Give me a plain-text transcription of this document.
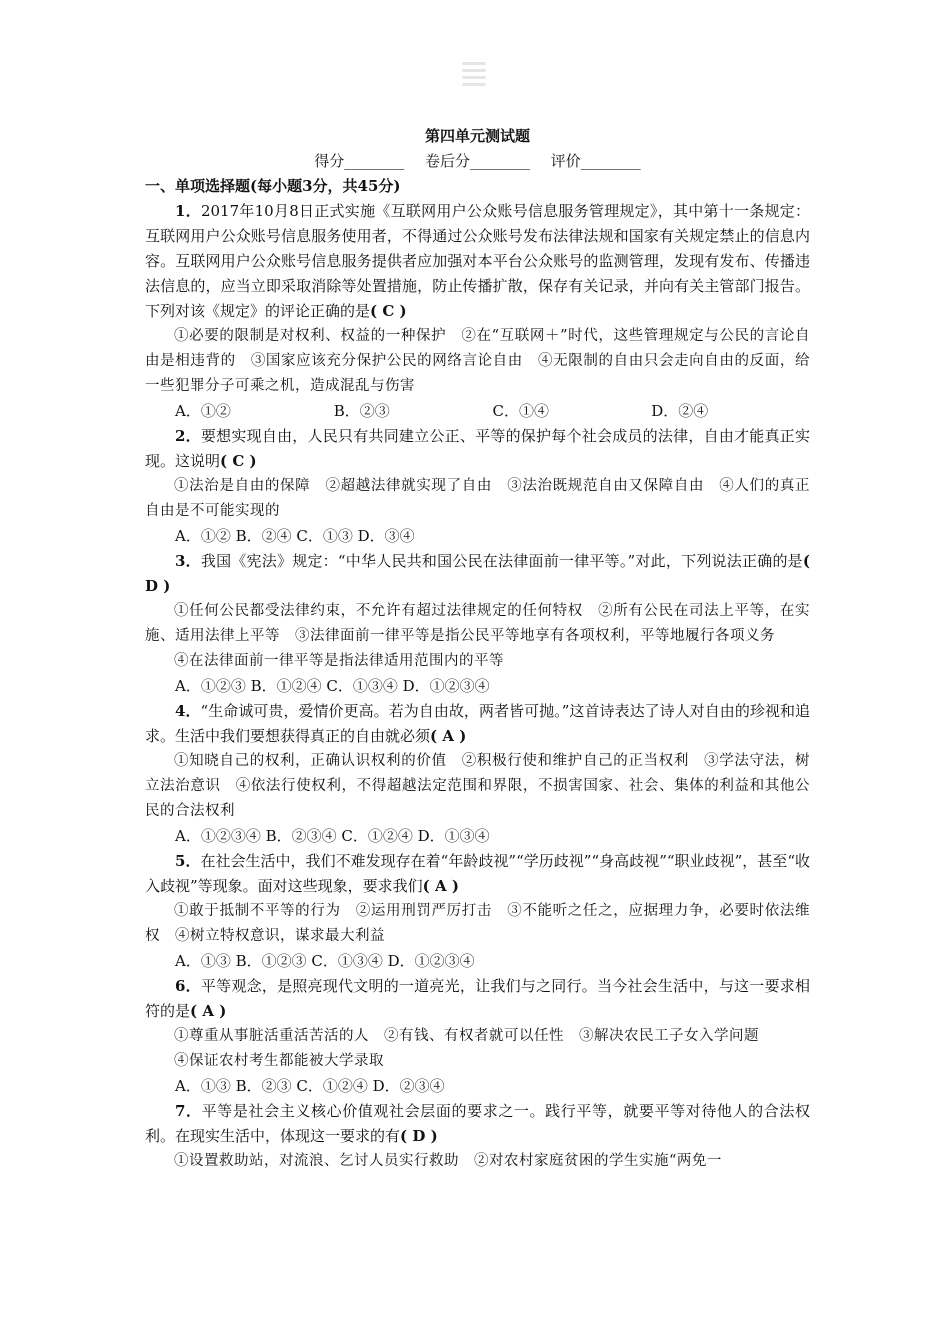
第四单元测试题

得分________ 卷后分________ 评价________

一、单项选择题(每小题3分，共45分)

1．2017年10月8日正式实施《互联网用户公众账号信息服务管理规定》，其中第十一条规定：互联网用户公众账号信息服务使用者，不得通过公众账号发布法律法规和国家有关规定禁止的信息内容。互联网用户公众账号信息服务提供者应加强对本平台公众账号的监测管理，发现有发布、传播违法信息的，应当立即采取消除等处置措施，防止传播扩散，保存有关记录，并向有关主管部门报告。下列对该《规定》的评论正确的是( C )

①必要的限制是对权利、权益的一种保护　②在“互联网＋”时代，这些管理规定与公民的言论自由是相违背的　③国家应该充分保护公民的网络言论自由　④无限制的自由只会走向自由的反面，给一些犯罪分子可乘之机，造成混乱与伤害

A．①②	B．②③	C．①④	D．②④

2．要想实现自由，人民只有共同建立公正、平等的保护每个社会成员的法律，自由才能真正实现。这说明( C )

①法治是自由的保障　②超越法律就实现了自由　③法治既规范自由又保障自由　④人们的真正自由是不可能实现的

A．①② B．②④ C．①③ D．③④

3．我国《宪法》规定：“中华人民共和国公民在法律面前一律平等。”对此，下列说法正确的是( D )

①任何公民都受法律约束，不允许有超过法律规定的任何特权　②所有公民在司法上平等，在实施、适用法律上平等　③法律面前一律平等是指公民平等地享有各项权利，平等地履行各项义务

④在法律面前一律平等是指法律适用范围内的平等

A．①②③ B．①②④ C．①③④ D．①②③④

4．“生命诚可贵，爱情价更高。若为自由故，两者皆可抛。”这首诗表达了诗人对自由的珍视和追求。生活中我们要想获得真正的自由就必须( A )

①知晓自己的权利，正确认识权利的价值　②积极行使和维护自己的正当权利　③学法守法，树立法治意识　④依法行使权利，不得超越法定范围和界限，不损害国家、社会、集体的利益和其他公民的合法权利

A．①②③④ B．②③④ C．①②④ D．①③④

5．在社会生活中，我们不难发现存在着“年龄歧视”“学历歧视”“身高歧视”“职业歧视”，甚至“收入歧视”等现象。面对这些现象，要求我们( A )

①敢于抵制不平等的行为　②运用刑罚严厉打击　③不能听之任之，应据理力争，必要时依法维权　④树立特权意识，谋求最大利益

A．①③ B．①②③ C．①③④ D．①②③④

6．平等观念，是照亮现代文明的一道亮光，让我们与之同行。当今社会生活中，与这一要求相符的是( A )

①尊重从事脏活重活苦活的人　②有钱、有权者就可以任性　③解决农民工子女入学问题

④保证农村考生都能被大学录取

A．①③ B．②③ C．①②④ D．②③④

7．平等是社会主义核心价值观社会层面的要求之一。践行平等，就要平等对待他人的合法权利。在现实生活中，体现这一要求的有( D )

①设置救助站，对流浪、乞讨人员实行救助　②对农村家庭贫困的学生实施“两免一
